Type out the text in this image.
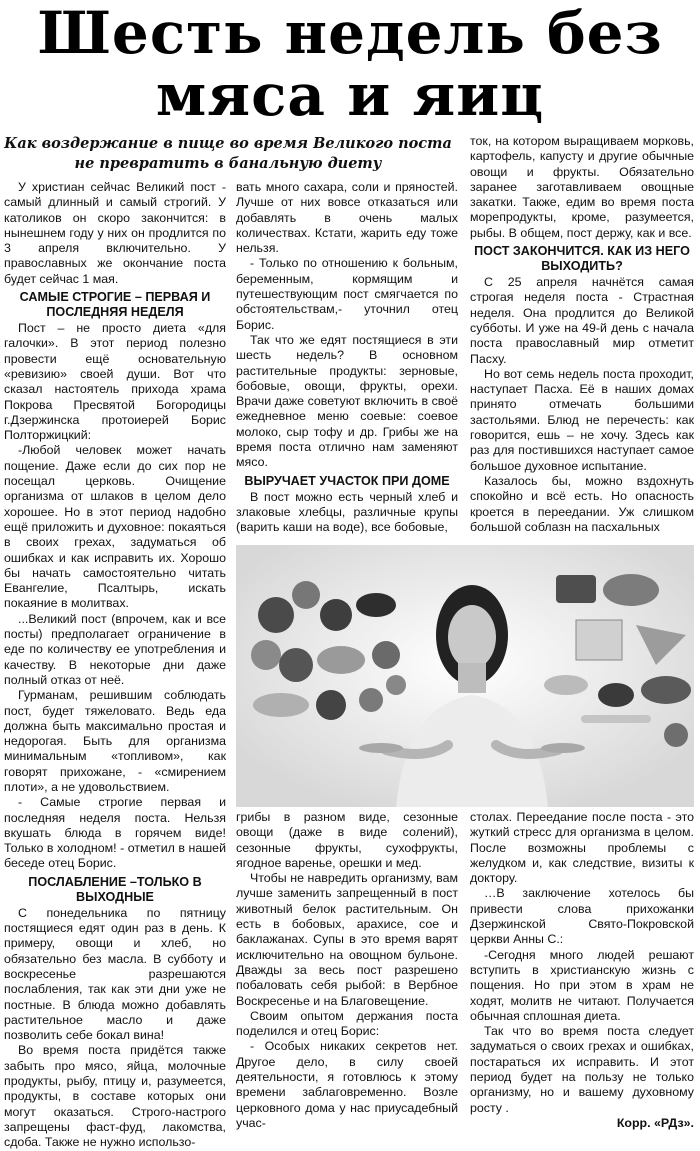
Шесть недель без
мяса и яиц
Как воздержание в пище во время Великого поста
не превратить в банальную диету

У христиан сейчас Великий пост - самый длинный и самый строгий. У католиков он скоро закончится: в нынешнем году у них он продлится по 3 апреля включительно. У православных же окончание поста будет сейчас 1 мая.

САМЫЕ СТРОГИЕ – ПЕРВАЯ И ПОСЛЕДНЯЯ НЕДЕЛЯ

Пост – не просто диета «для галочки». В этот период полезно провести ещё основательную «ревизию» своей души. Вот что сказал настоятель прихода храма Покрова Пресвятой Богородицы г.Дзержинска протоиерей Борис Полторжицкий:

-Любой человек может начать пощение. Даже если до сих пор не посещал церковь. Очищение организма от шлаков в целом дело хорошее. Но в этот период надобно ещё приложить и духовное: покаяться в своих грехах, задуматься об ошибках и как исправить их. Хорошо бы начать самостоятельно читать Евангелие, Псалтырь, искать покаяние в молитвах.

...Великий пост (впрочем, как и все посты) предполагает ограничение в еде по количеству ее употребления и качеству. В некоторые дни даже полный отказ от неё.

Гурманам, решившим соблюдать пост, будет тяжеловато. Ведь еда должна быть максимально простая и недорогая. Быть для организма минимальным «топливом», как говорят прихожане, - «смирением плоти», а не удовольствием.

- Самые строгие первая и последняя неделя поста. Нельзя вкушать блюда в горячем виде! Только в холодном! - отметил в нашей беседе отец Борис.

ПОСЛАБЛЕНИЕ –ТОЛЬКО В ВЫХОДНЫЕ

С понедельника по пятницу постящиеся едят один раз в день. К примеру, овощи и хлеб, но обязательно без масла. В субботу и воскресенье разрешаются послабления, так как эти дни уже не постные. В блюда можно добавлять растительное масло и даже позволить себе бокал вина!

Во время поста придётся также забыть про мясо, яйца, молочные продукты, рыбу, птицу и, разумеется, продукты, в составе которых они могут оказаться. Строго-настрого запрещены фаст-фуд, лакомства, сдоба. Также не нужно использо-

вать много сахара, соли и пряностей. Лучше от них вовсе отказаться или добавлять в очень малых количествах. Кстати, жарить еду тоже нельзя.

- Только по отношению к больным, беременным, кормящим и путешествующим пост смягчается по обстоятельствам,- уточнил отец Борис.

Так что же едят постящиеся в эти шесть недель? В основном растительные продукты: зерновые, бобовые, овощи, фрукты, орехи. Врачи даже советуют включить в своё ежедневное меню соевые: соевое молоко, сыр тофу и др. Грибы же на время поста отлично нам заменяют мясо.

ВЫРУЧАЕТ УЧАСТОК ПРИ ДОМЕ

В пост можно есть черный хлеб и злаковые хлебцы, различные крупы (варить каши на воде), все бобовые,

ток, на котором выращиваем морковь, картофель, капусту и другие обычные овощи и фрукты. Обязательно заранее заготавливаем овощные закатки. Также, едим во время поста морепродукты, кроме, разумеется, рыбы. В общем, пост держу, как и все.

ПОСТ ЗАКОНЧИТСЯ. КАК ИЗ НЕГО ВЫХОДИТЬ?

С 25 апреля начнётся самая строгая неделя поста - Страстная неделя. Она продлится до Великой субботы. И уже на 49-й день с начала поста православный мир отметит Пасху.

Но вот семь недель поста проходит, наступает Пасха. Её в наших домах принято отмечать большими застольями. Блюд не перечесть: как говорится, ешь – не хочу. Здесь как раз для постившихся наступает самое большое духовное испытание.

Казалось бы, можно вздохнуть спокойно и всё есть. Но опасность кроется в переедании. Уж слишком большой соблазн на пасхальных

грибы в разном виде, сезонные овощи (даже в виде солений), сезонные фрукты, сухофрукты, ягодное варенье, орешки и мед.

Чтобы не навредить организму, вам лучше заменить запрещенный в пост животный белок растительным. Он есть в бобовых, арахисе, сое и баклажанах. Супы в это время варят исключительно на овощном бульоне. Дважды за весь пост разрешено побаловать себя рыбой: в Вербное Воскресенье и на Благовещение.

Своим опытом держания поста поделился и отец Борис:

- Особых никаких секретов нет. Другое дело, в силу своей деятельности, я готовлюсь к этому времени заблаговременно. Возле церковного дома у нас приусадебный учас-

столах. Переедание после поста - это жуткий стресс для организма в целом. После возможны проблемы с желудком и, как следствие, визиты к доктору.

…В заключение хотелось бы привести слова прихожанки Дзержинской Свято-Покровской церкви Анны С.:

-Сегодня много людей решают вступить в христианскую жизнь с пощения. Но при этом в храм не ходят, молитв не читают. Получается обычная сплошная диета.

Так что во время поста следует задуматься о своих грехах и ошибках, постараться их исправить. И этот период будет на пользу не только организму, но и вашему духовному росту .

Корр. «РДз».
